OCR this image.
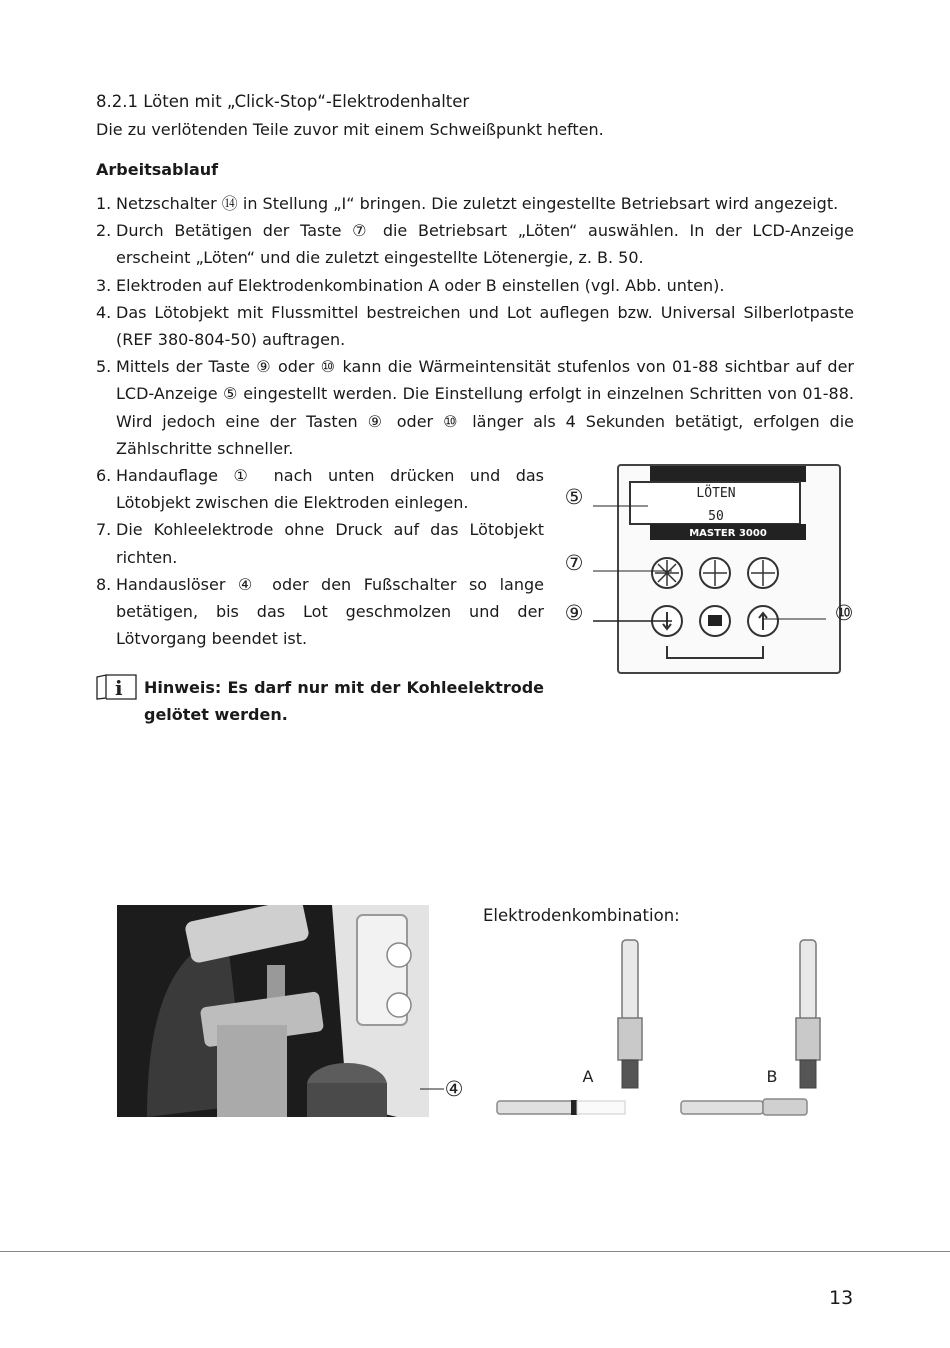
8.2.1 Löten mit „Click-Stop“-Elektrodenhalter
Die zu verlötenden Teile zuvor mit einem Schweißpunkt heften.
Arbeitsablauf
1. Netzschalter ⑭ in Stellung „I“ bringen. Die zuletzt eingestellte Betriebsart wird angezeigt.
2. Durch Betätigen der Taste ⑦ die Betriebsart „Löten“ auswählen. In der LCD-Anzeige erscheint „Löten“ und die zuletzt eingestellte Lötenergie, z. B. 50.
3. Elektroden auf Elektrodenkombination A oder B einstellen (vgl. Abb. unten).
4. Das Lötobjekt mit Flussmittel bestreichen und Lot auflegen bzw. Universal Silberlotpaste (REF 380-804-50) auftragen.
5. Mittels der Taste ⑨ oder ⑩ kann die Wärmeintensität stufenlos von 01-88 sichtbar auf der LCD-Anzeige ⑤ eingestellt werden. Die Einstellung erfolgt in einzelnen Schritten von 01-88. Wird jedoch eine der Tasten ⑨ oder ⑩ länger als 4 Sekunden betätigt, erfolgen die Zählschritte schneller.
6. Handauflage ① nach unten drücken und das Lötobjekt zwischen die Elektroden einlegen.
7. Die Kohleelektrode ohne Druck auf das Lötobjekt richten.
8. Handauslöser ④ oder den Fußschalter so lange betätigen, bis das Lot geschmolzen und der Lötvorgang beendet ist.
i Hinweis: Es darf nur mit der Kohleelektrode gelötet werden.
LÖTEN
50
MASTER 3000
⑤
⑦
⑨	⑩
④
Elektrodenkombination:
A	B
13
